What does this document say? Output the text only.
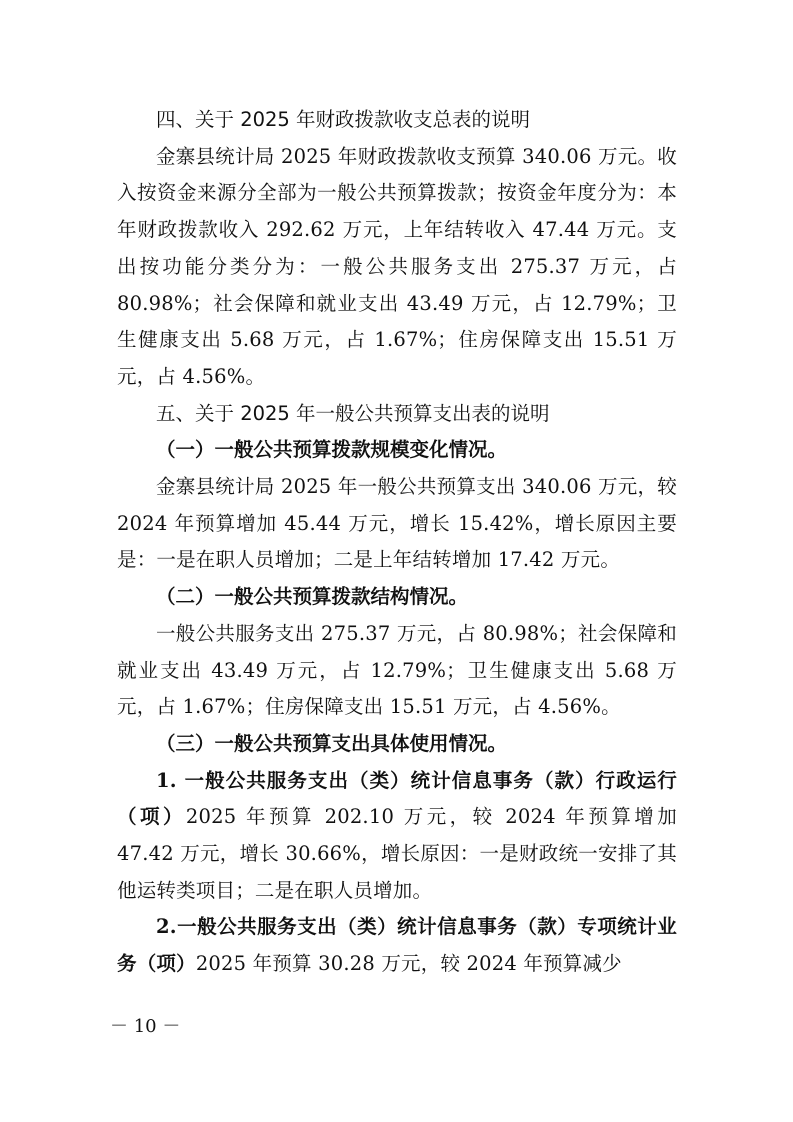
四、关于 2025 年财政拨款收支总表的说明

金寨县统计局 2025 年财政拨款收支预算 340.06 万元。收入按资金来源分全部为一般公共预算拨款；按资金年度分为：本年财政拨款收入 292.62 万元，上年结转收入 47.44 万元。支出按功能分类分为：一般公共服务支出 275.37 万元，占 80.98%；社会保障和就业支出 43.49 万元，占 12.79%；卫生健康支出 5.68 万元，占 1.67%；住房保障支出 15.51 万元，占 4.56%。

五、关于 2025 年一般公共预算支出表的说明

（一）一般公共预算拨款规模变化情况。

金寨县统计局 2025 年一般公共预算支出 340.06 万元，较 2024 年预算增加 45.44 万元，增长 15.42%，增长原因主要是：一是在职人员增加；二是上年结转增加 17.42 万元。

（二）一般公共预算拨款结构情况。

一般公共服务支出 275.37 万元，占 80.98%；社会保障和就业支出 43.49 万元，占 12.79%；卫生健康支出 5.68 万元，占 1.67%；住房保障支出 15.51 万元，占 4.56%。

（三）一般公共预算支出具体使用情况。

1. 一般公共服务支出（类）统计信息事务（款）行政运行（项）2025 年预算 202.10 万元，较 2024 年预算增加 47.42 万元，增长 30.66%，增长原因：一是财政统一安排了其他运转类项目；二是在职人员增加。

2.一般公共服务支出（类）统计信息事务（款）专项统计业务（项）2025 年预算 30.28 万元，较 2024 年预算减少

－ 10 －
